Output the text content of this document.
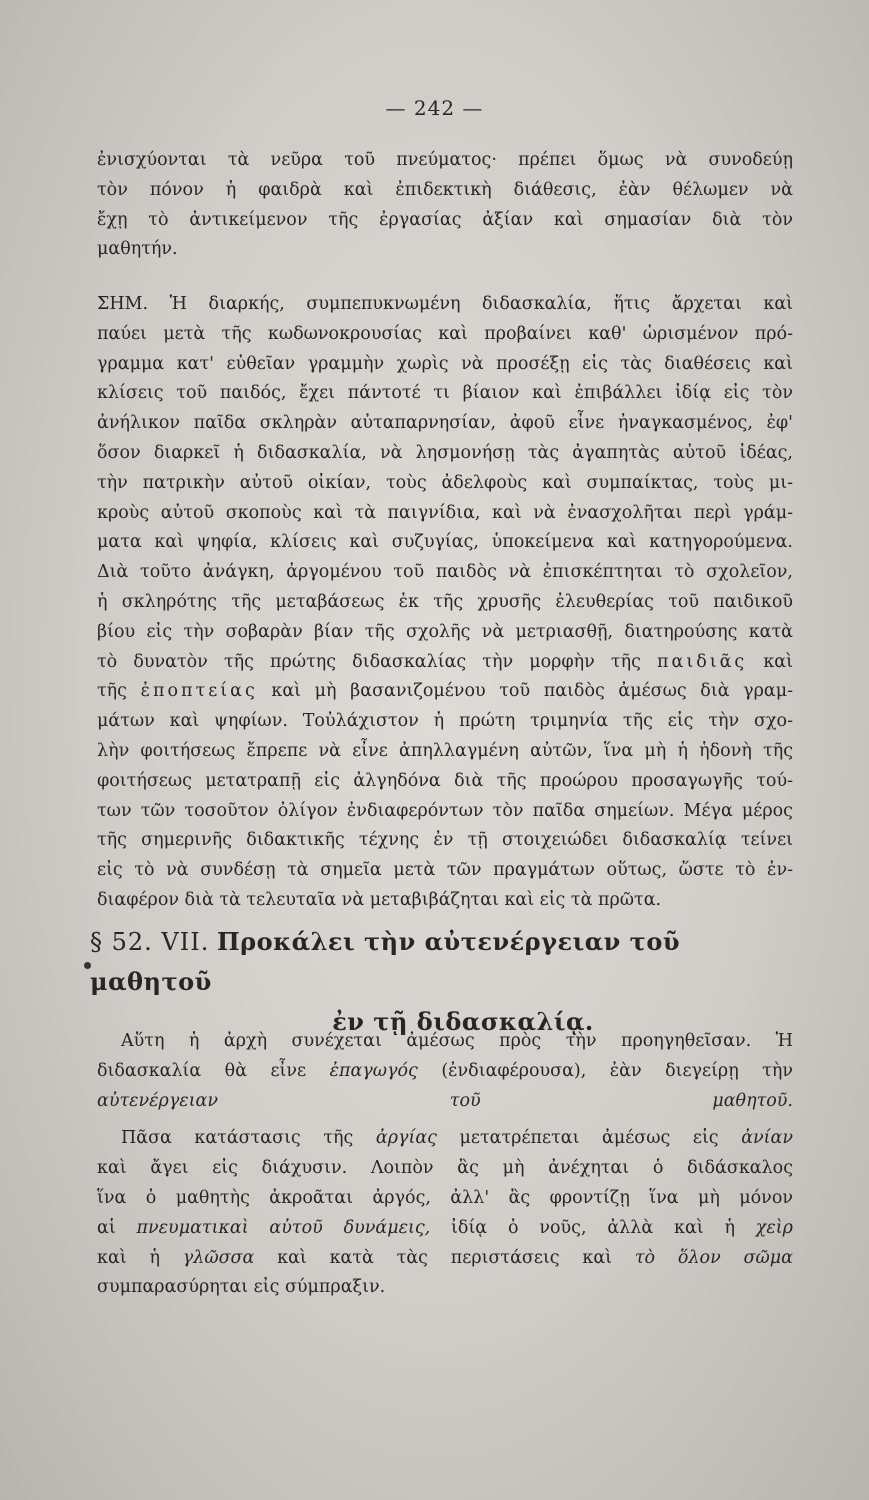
— 242 —

ἐνισχύονται τὰ νεῦρα τοῦ πνεύματος· πρέπει ὅμως νὰ συνοδεύῃ

τὸν πόνον ἡ φαιδρὰ καὶ ἐπιδεκτικὴ διάθεσις, ἐὰν θέλωμεν νὰ

ἔχῃ τὸ ἀντικείμενον τῆς ἐργασίας ἀξίαν καὶ σημασίαν διὰ τὸν

μαθητήν.

ΣΗΜ. Ἡ διαρκής, συμπεπυκνωμένη διδασκαλία, ἥτις ἄρχεται καὶ

παύει μετὰ τῆς κωδωνοκρουσίας καὶ προβαίνει καθ' ὡρισμένον πρό-

γραμμα κατ' εὐθεῖαν γραμμὴν χωρὶς νὰ προσέξῃ εἰς τὰς διαθέσεις καὶ

κλίσεις τοῦ παιδός, ἔχει πάντοτέ τι βίαιον καὶ ἐπιβάλλει ἰδίᾳ εἰς τὸν

ἀνήλικον παῖδα σκληρὰν αὐταπαρνησίαν, ἀφοῦ εἶνε ἠναγκασμένος, ἐφ'

ὅσον διαρκεῖ ἡ διδασκαλία, νὰ λησμονήσῃ τὰς ἀγαπητὰς αὐτοῦ ἰδέας,

τὴν πατρικὴν αὐτοῦ οἰκίαν, τοὺς ἀδελφοὺς καὶ συμπαίκτας, τοὺς μι-

κροὺς αὐτοῦ σκοποὺς καὶ τὰ παιγνίδια, καὶ νὰ ἐνασχολῆται περὶ γράμ-

ματα καὶ ψηφία, κλίσεις καὶ συζυγίας, ὑποκείμενα καὶ κατηγορούμενα.

Διὰ τοῦτο ἀνάγκη, ἀργομένου τοῦ παιδὸς νὰ ἐπισκέπτηται τὸ σχολεῖον,

ἡ σκληρότης τῆς μεταβάσεως ἐκ τῆς χρυσῆς ἐλευθερίας τοῦ παιδικοῦ

βίου εἰς τὴν σοβαρὰν βίαν τῆς σχολῆς νὰ μετριασθῇ, διατηρούσης κατὰ

τὸ δυνατὸν τῆς πρώτης διδασκαλίας τὴν μορφὴν τῆς παιδιᾶς καὶ

τῆς ἐποπτείας καὶ μὴ βασανιζομένου τοῦ παιδὸς ἀμέσως διὰ γραμ-

μάτων καὶ ψηφίων. Τοὐλάχιστον ἡ πρώτη τριμηνία τῆς εἰς τὴν σχο-

λὴν φοιτήσεως ἔπρεπε νὰ εἶνε ἀπηλλαγμένη αὐτῶν, ἵνα μὴ ἡ ἡδονὴ τῆς

φοιτήσεως μετατραπῇ εἰς ἀλγηδόνα διὰ τῆς προώρου προσαγωγῆς τού-

των τῶν τοσοῦτον ὀλίγον ἐνδιαφερόντων τὸν παῖδα σημείων. Μέγα μέρος

τῆς σημερινῆς διδακτικῆς τέχνης ἐν τῇ στοιχειώδει διδασκαλίᾳ τείνει

εἰς τὸ νὰ συνδέσῃ τὰ σημεῖα μετὰ τῶν πραγμάτων οὕτως, ὥστε τὸ ἐν-

διαφέρον διὰ τὰ τελευταῖα νὰ μεταβιβάζηται καὶ εἰς τὰ πρῶτα.

§ 52. VII. Προκάλει τὴν αὐτενέργειαν τοῦ μαθητοῦ
ἐν τῇ διδασκαλίᾳ.

Αὕτη ἡ ἀρχὴ συνέχεται ἀμέσως πρὸς τὴν προηγηθεῖσαν. Ἡ

διδασκαλία θὰ εἶνε ἐπαγωγός (ἐνδιαφέρουσα), ἐὰν διεγείρῃ τὴν

αὐτενέργειαν τοῦ μαθητοῦ.

Πᾶσα κατάστασις τῆς ἀργίας μετατρέπεται ἀμέσως εἰς ἀνίαν

καὶ ἄγει εἰς διάχυσιν. Λοιπὸν ἂς μὴ ἀνέχηται ὁ διδάσκαλος

ἵνα ὁ μαθητὴς ἀκροᾶται ἀργός, ἀλλ' ἂς φροντίζῃ ἵνα μὴ μόνον

αἱ πνευματικαὶ αὐτοῦ δυνάμεις, ἰδίᾳ ὁ νοῦς, ἀλλὰ καὶ ἡ χεὶρ

καὶ ἡ γλῶσσα καὶ κατὰ τὰς περιστάσεις καὶ τὸ ὅλον σῶμα

συμπαρασύρηται εἰς σύμπραξιν.
